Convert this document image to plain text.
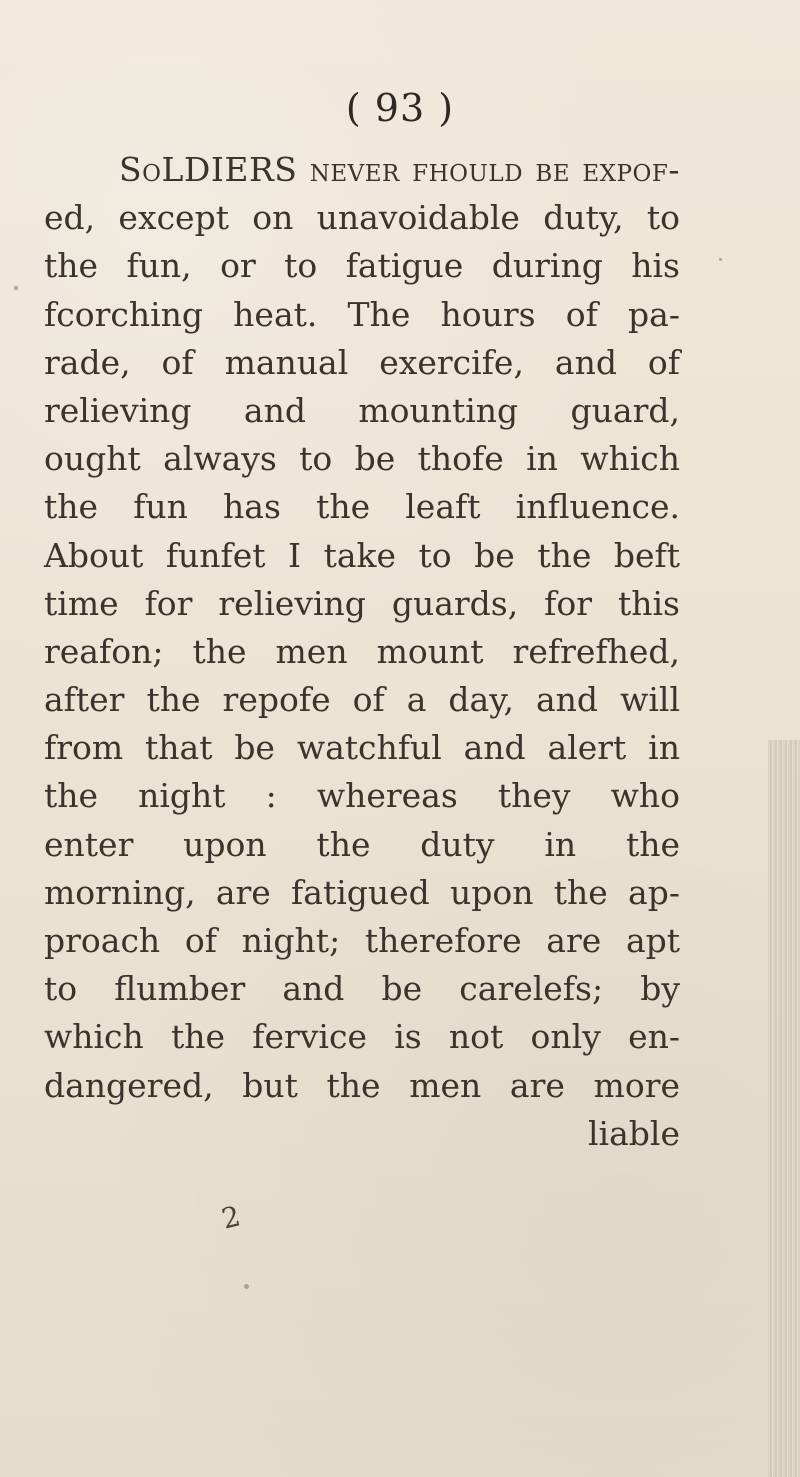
( 93 )
SoLDIERS never fhould be expof-
ed, except on unavoidable duty, to
the fun, or to fatigue during his
fcorching heat. The hours of pa-
rade, of manual exercife, and of
relieving and mounting guard,
ought always to be thofe in which
the fun has the leaft influence.
About funfet I take to be the beft
time for relieving guards, for this
reafon; the men mount refrefhed,
after the repofe of a day, and will
from that be watchful and alert in
the night : whereas they who
enter upon the duty in the
morning, are fatigued upon the ap-
proach of night; therefore are apt
to flumber and be carelefs; by
which the fervice is not only en-
dangered, but the men are more
liable
2
